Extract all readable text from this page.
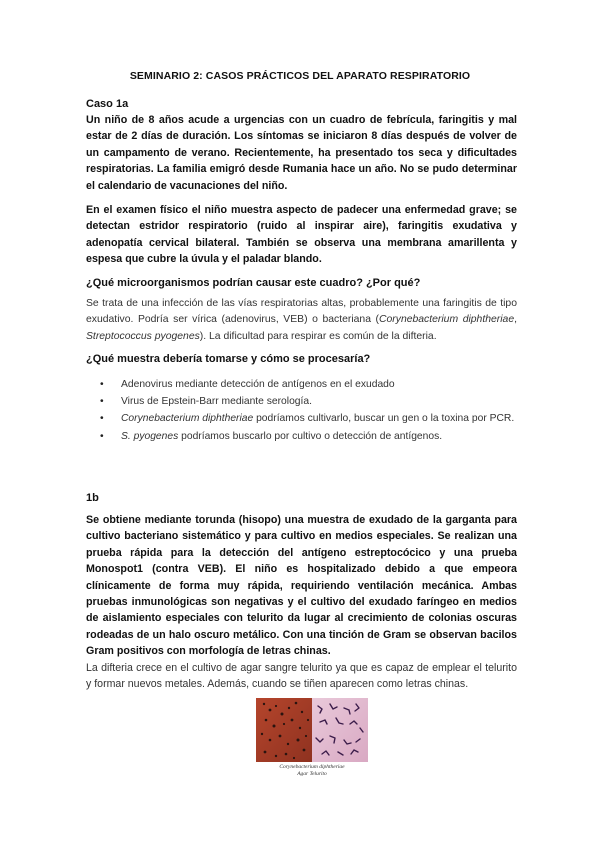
SEMINARIO 2: CASOS PRÁCTICOS DEL APARATO RESPIRATORIO
Caso 1a

Un niño de 8 años acude a urgencias con un cuadro de febrícula, faringitis y mal estar de 2 días de duración. Los síntomas se iniciaron 8 días después de volver de un campamento de verano. Recientemente, ha presentado tos seca y dificultades respiratorias. La familia emigró desde Rumania hace un año. No se pudo determinar el calendario de vacunaciones del niño.

En el examen físico el niño muestra aspecto de padecer una enfermedad grave; se detectan estridor respiratorio (ruido al inspirar aire), faringitis exudativa y adenopatía cervical bilateral. También se observa una membrana amarillenta y espesa que cubre la úvula y el paladar blando.

¿Qué microorganismos podrían causar este cuadro? ¿Por qué?

Se trata de una infección de las vías respiratorias altas, probablemente una faringitis de tipo exudativo. Podría ser vírica (adenovirus, VEB) o bacteriana (Corynebacterium diphtheriae, Streptococcus pyogenes). La dificultad para respirar es común de la difteria.

¿Qué muestra debería tomarse y cómo se procesaría?
• Adenovirus mediante detección de antígenos en el exudado
• Virus de Epstein-Barr mediante serología.
• Corynebacterium diphtheriae podríamos cultivarlo, buscar un gen o la toxina por PCR.
• S. pyogenes podríamos buscarlo por cultivo o detección de antígenos.
1b

Se obtiene mediante torunda (hisopo) una muestra de exudado de la garganta para cultivo bacteriano sistemático y para cultivo en medios especiales. Se realizan una prueba rápida para la detección del antígeno estreptocócico y una prueba Monospot1 (contra VEB). El niño es hospitalizado debido a que empeora clínicamente de forma muy rápida, requiriendo ventilación mecánica. Ambas pruebas inmunológicas son negativas y el cultivo del exudado faríngeo en medios de aislamiento especiales con telurito da lugar al crecimiento de colonias oscuras rodeadas de un halo oscuro metálico. Con una tinción de Gram se observan bacilos Gram positivos con morfología de letras chinas.

La difteria crece en el cultivo de agar sangre telurito ya que es capaz de emplear el telurito y formar nuevos metales. Además, cuando se tiñen aparecen como letras chinas.

Corynebacterium diphtheriae
Agar Telurito
